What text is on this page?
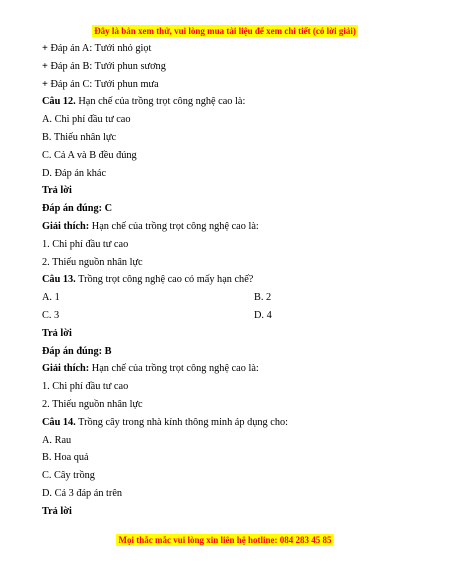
Đây là bản xem thử, vui lòng mua tài liệu để xem chi tiết (có lời giải)
+ Đáp án A: Tưới nhỏ giọt
+ Đáp án B: Tưới phun sương
+ Đáp án C: Tưới phun mưa
Câu 12. Hạn chế của trồng trọt công nghệ cao là:
A. Chi phí đầu tư cao
B. Thiếu nhân lực
C. Cả A và B đều đúng
D. Đáp án khác
Trả lời
Đáp án đúng: C
Giải thích: Hạn chế của trồng trọt công nghệ cao là:
1. Chi phí đầu tư cao
2. Thiếu nguồn nhân lực
Câu 13. Trồng trọt công nghệ cao có mấy hạn chế?
A. 1	B. 2
C. 3	D. 4
Trả lời
Đáp án đúng: B
Giải thích: Hạn chế của trồng trọt công nghệ cao là:
1. Chi phí đầu tư cao
2. Thiếu nguồn nhân lực
Câu 14. Trồng cây trong nhà kính thông minh áp dụng cho:
A. Rau
B. Hoa quả
C. Cây trồng
D. Cả 3 đáp án trên
Trả lời
Mọi thắc mắc vui lòng xin liên hệ hotline: 084 283 45 85
